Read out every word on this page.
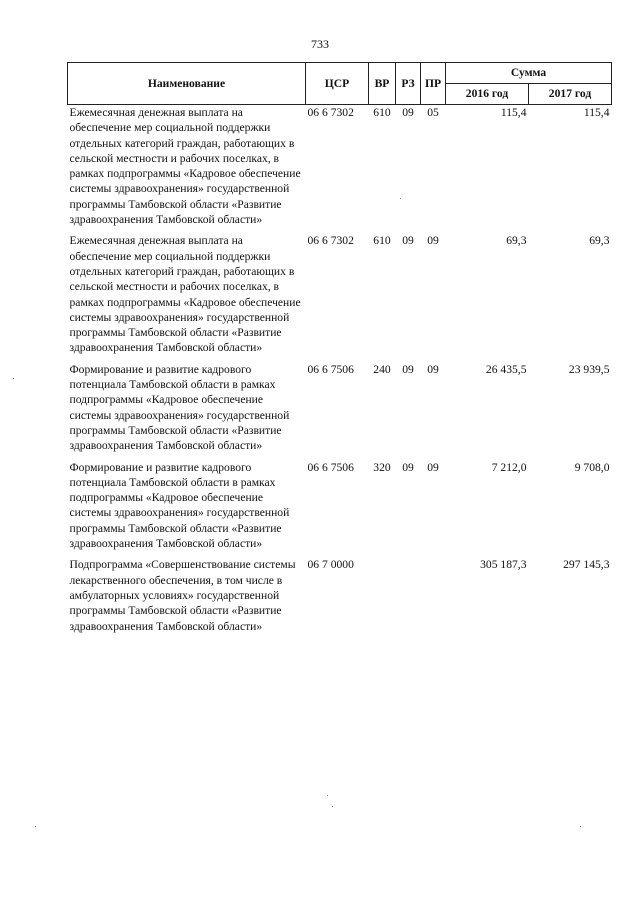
733
Наименование	ЦСР	ВР	РЗ	ПР	Сумма	
					2016 год	2017 год
Ежемесячная денежная выплата на обеспечение мер социальной поддержки отдельных категорий граждан, работающих в сельской местности и рабочих поселках, в рамках подпрограммы «Кадровое обеспечение системы здравоохранения» государственной программы Тамбовской области «Развитие здравоохранения Тамбовской области»	06 6 7302	610	09	05	115,4	115,4

Ежемесячная денежная выплата на обеспечение мер социальной поддержки отдельных категорий граждан, работающих в сельской местности и рабочих поселках, в рамках подпрограммы «Кадровое обеспечение системы здравоохранения» государственной программы Тамбовской области «Развитие здравоохранения Тамбовской области»	06 6 7302	610	09	09	69,3	69,3

Формирование и развитие кадрового потенциала Тамбовской области в рамках подпрограммы «Кадровое обеспечение системы здравоохранения» государственной программы Тамбовской области «Развитие здравоохранения Тамбовской области»	06 6 7506	240	09	09	26 435,5	23 939,5

Формирование и развитие кадрового потенциала Тамбовской области в рамках подпрограммы «Кадровое обеспечение системы здравоохранения» государственной программы Тамбовской области «Развитие здравоохранения Тамбовской области»	06 6 7506	320	09	09	7 212,0	9 708,0

Подпрограмма «Совершенствование системы лекарственного обеспечения, в том числе в амбулаторных условиях» государственной программы Тамбовской области «Развитие здравоохранения Тамбовской области»	06 7 0000				305 187,3	297 145,3
